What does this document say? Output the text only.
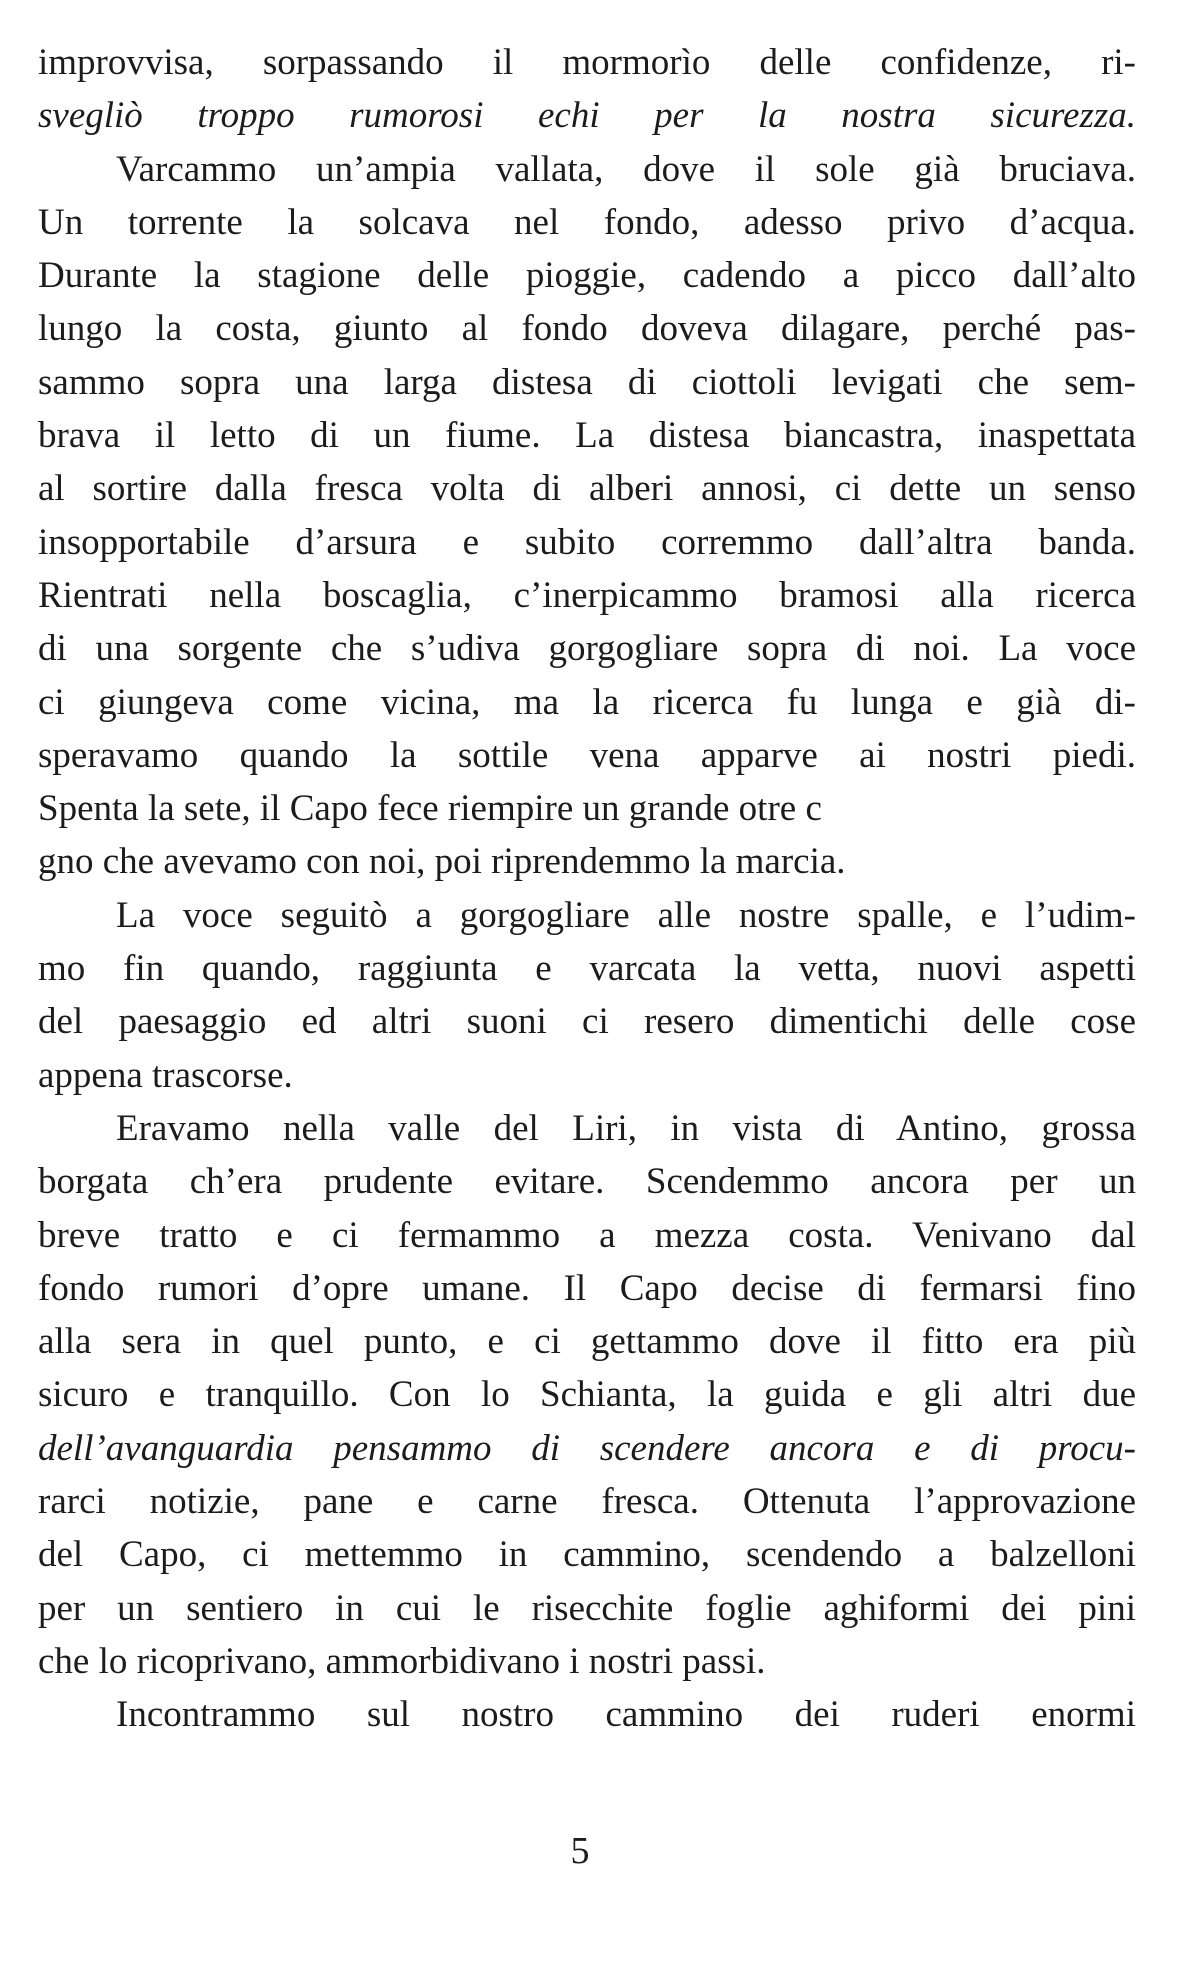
improvvisa, sorpassando il mormorìo delle confidenze, ri-
svegliò troppo rumorosi echi per la nostra sicurezza.
Varcammo un’ampia vallata, dove il sole già bruciava.
Un torrente la solcava nel fondo, adesso privo d’acqua.
Durante la stagione delle pioggie, cadendo a picco dall’alto
lungo la costa, giunto al fondo doveva dilagare, perché pas-
sammo sopra una larga distesa di ciottoli levigati che sem-
brava il letto di un fiume. La distesa biancastra, inaspettata
al sortire dalla fresca volta di alberi annosi, ci dette un senso
insopportabile d’arsura e subito corremmo dall’altra banda.
Rientrati nella boscaglia, c’inerpicammo bramosi alla ricerca
di una sorgente che s’udiva gorgogliare sopra di noi. La voce
ci giungeva come vicina, ma la ricerca fu lunga e già di-
speravamo quando la sottile vena apparve ai nostri piedi.
Spenta la sete, il Capo fece riempire un grande otre c
gno che avevamo con noi, poi riprendemmo la marcia.
La voce seguitò a gorgogliare alle nostre spalle, e l’udim-
mo fin quando, raggiunta e varcata la vetta, nuovi aspetti
del paesaggio ed altri suoni ci resero dimentichi delle cose
appena trascorse.
Eravamo nella valle del Liri, in vista di Antino, grossa
borgata ch’era prudente evitare. Scendemmo ancora per un
breve tratto e ci fermammo a mezza costa. Venivano dal
fondo rumori d’opre umane. Il Capo decise di fermarsi fino
alla sera in quel punto, e ci gettammo dove il fitto era più
sicuro e tranquillo. Con lo Schianta, la guida e gli altri due
dell’avanguardia pensammo di scendere ancora e di procu-
rarci notizie, pane e carne fresca. Ottenuta l’approvazione
del Capo, ci mettemmo in cammino, scendendo a balzelloni
per un sentiero in cui le risecchite foglie aghiformi dei pini
che lo ricoprivano, ammorbidivano i nostri passi.
Incontrammo sul nostro cammino dei ruderi enormi
5
